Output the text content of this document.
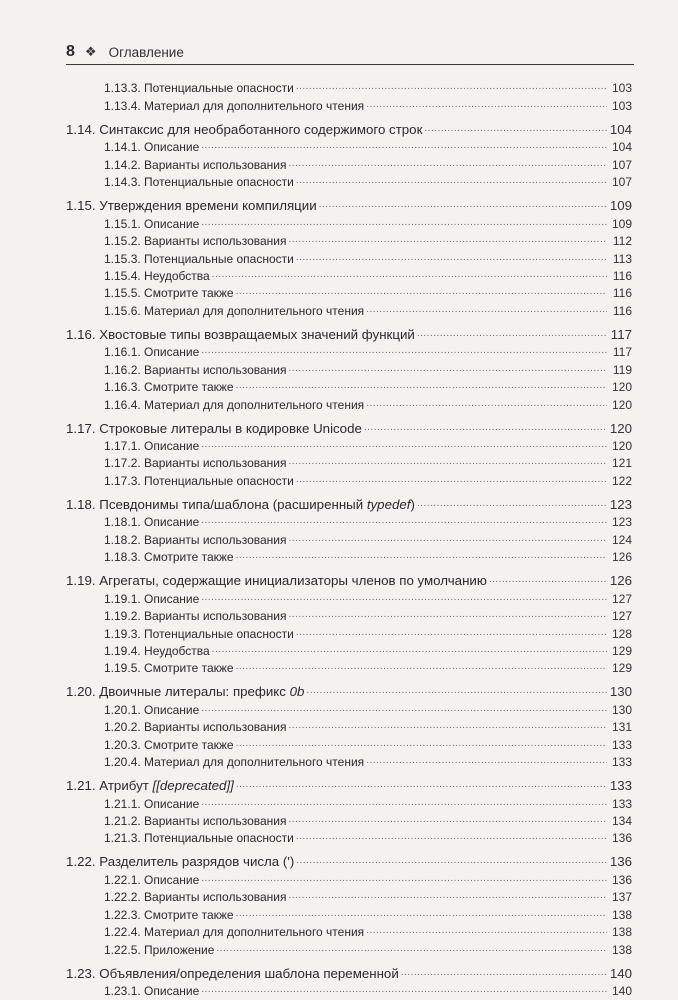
8 ❖ Оглавление
1.13.3. Потенциальные опасности .....	103
1.13.4. Материал для дополнительного чтения .....	103
1.14. Синтаксис для необработанного содержимого строк .....	104
1.14.1. Описание .....	104
1.14.2. Варианты использования .....	107
1.14.3. Потенциальные опасности .....	107
1.15. Утверждения времени компиляции .....	109
1.15.1. Описание .....	109
1.15.2. Варианты использования .....	112
1.15.3. Потенциальные опасности .....	113
1.15.4. Неудобства .....	116
1.15.5. Смотрите также .....	116
1.15.6. Материал для дополнительного чтения .....	116
1.16. Хвостовые типы возвращаемых значений функций .....	117
1.16.1. Описание .....	117
1.16.2. Варианты использования .....	119
1.16.3. Смотрите также .....	120
1.16.4. Материал для дополнительного чтения .....	120
1.17. Строковые литералы в кодировке Unicode .....	120
1.17.1. Описание .....	120
1.17.2. Варианты использования .....	121
1.17.3. Потенциальные опасности .....	122
1.18. Псевдонимы типа/шаблона (расширенный typedef) .....	123
1.18.1. Описание .....	123
1.18.2. Варианты использования .....	124
1.18.3. Смотрите также .....	126
1.19. Агрегаты, содержащие инициализаторы членов по умолчанию .....	126
1.19.1. Описание .....	127
1.19.2. Варианты использования .....	127
1.19.3. Потенциальные опасности .....	128
1.19.4. Неудобства .....	129
1.19.5. Смотрите также .....	129
1.20. Двоичные литералы: префикс 0b .....	130
1.20.1. Описание .....	130
1.20.2. Варианты использования .....	131
1.20.3. Смотрите также .....	133
1.20.4. Материал для дополнительного чтения .....	133
1.21. Атрибут [[deprecated]] .....	133
1.21.1. Описание .....	133
1.21.2. Варианты использования .....	134
1.21.3. Потенциальные опасности .....	136
1.22. Разделитель разрядов числа (') .....	136
1.22.1. Описание .....	136
1.22.2. Варианты использования .....	137
1.22.3. Смотрите также .....	138
1.22.4. Материал для дополнительного чтения .....	138
1.22.5. Приложение .....	138
1.23. Объявления/определения шаблона переменной .....	140
1.23.1. Описание .....	140
